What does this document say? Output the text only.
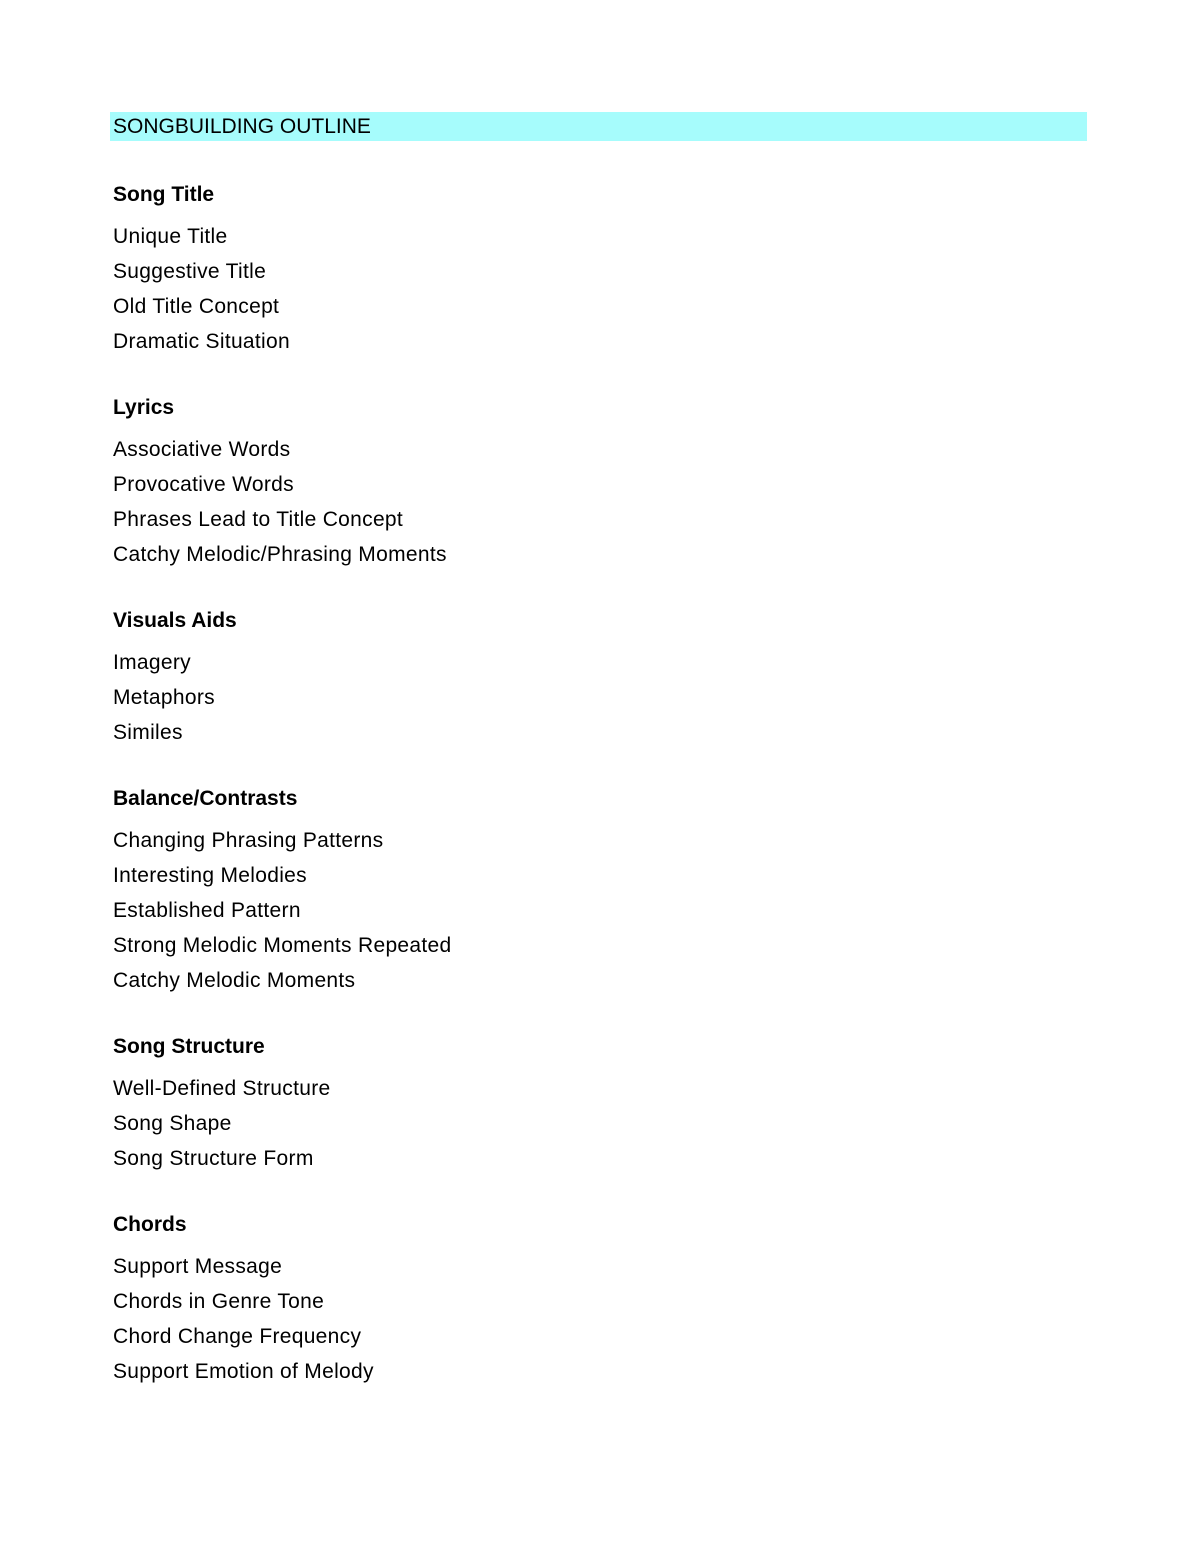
SONGBUILDING OUTLINE
Song Title
Unique Title
Suggestive Title
Old Title Concept
Dramatic Situation
Lyrics
Associative Words
Provocative Words
Phrases Lead to Title Concept
Catchy Melodic/Phrasing Moments
Visuals Aids
Imagery
Metaphors
Similes
Balance/Contrasts
Changing Phrasing Patterns
Interesting Melodies
Established Pattern
Strong Melodic Moments Repeated
Catchy Melodic Moments
Song Structure
Well-Defined Structure
Song Shape
Song Structure Form
Chords
Support Message
Chords in Genre Tone
Chord Change Frequency
Support Emotion of Melody
